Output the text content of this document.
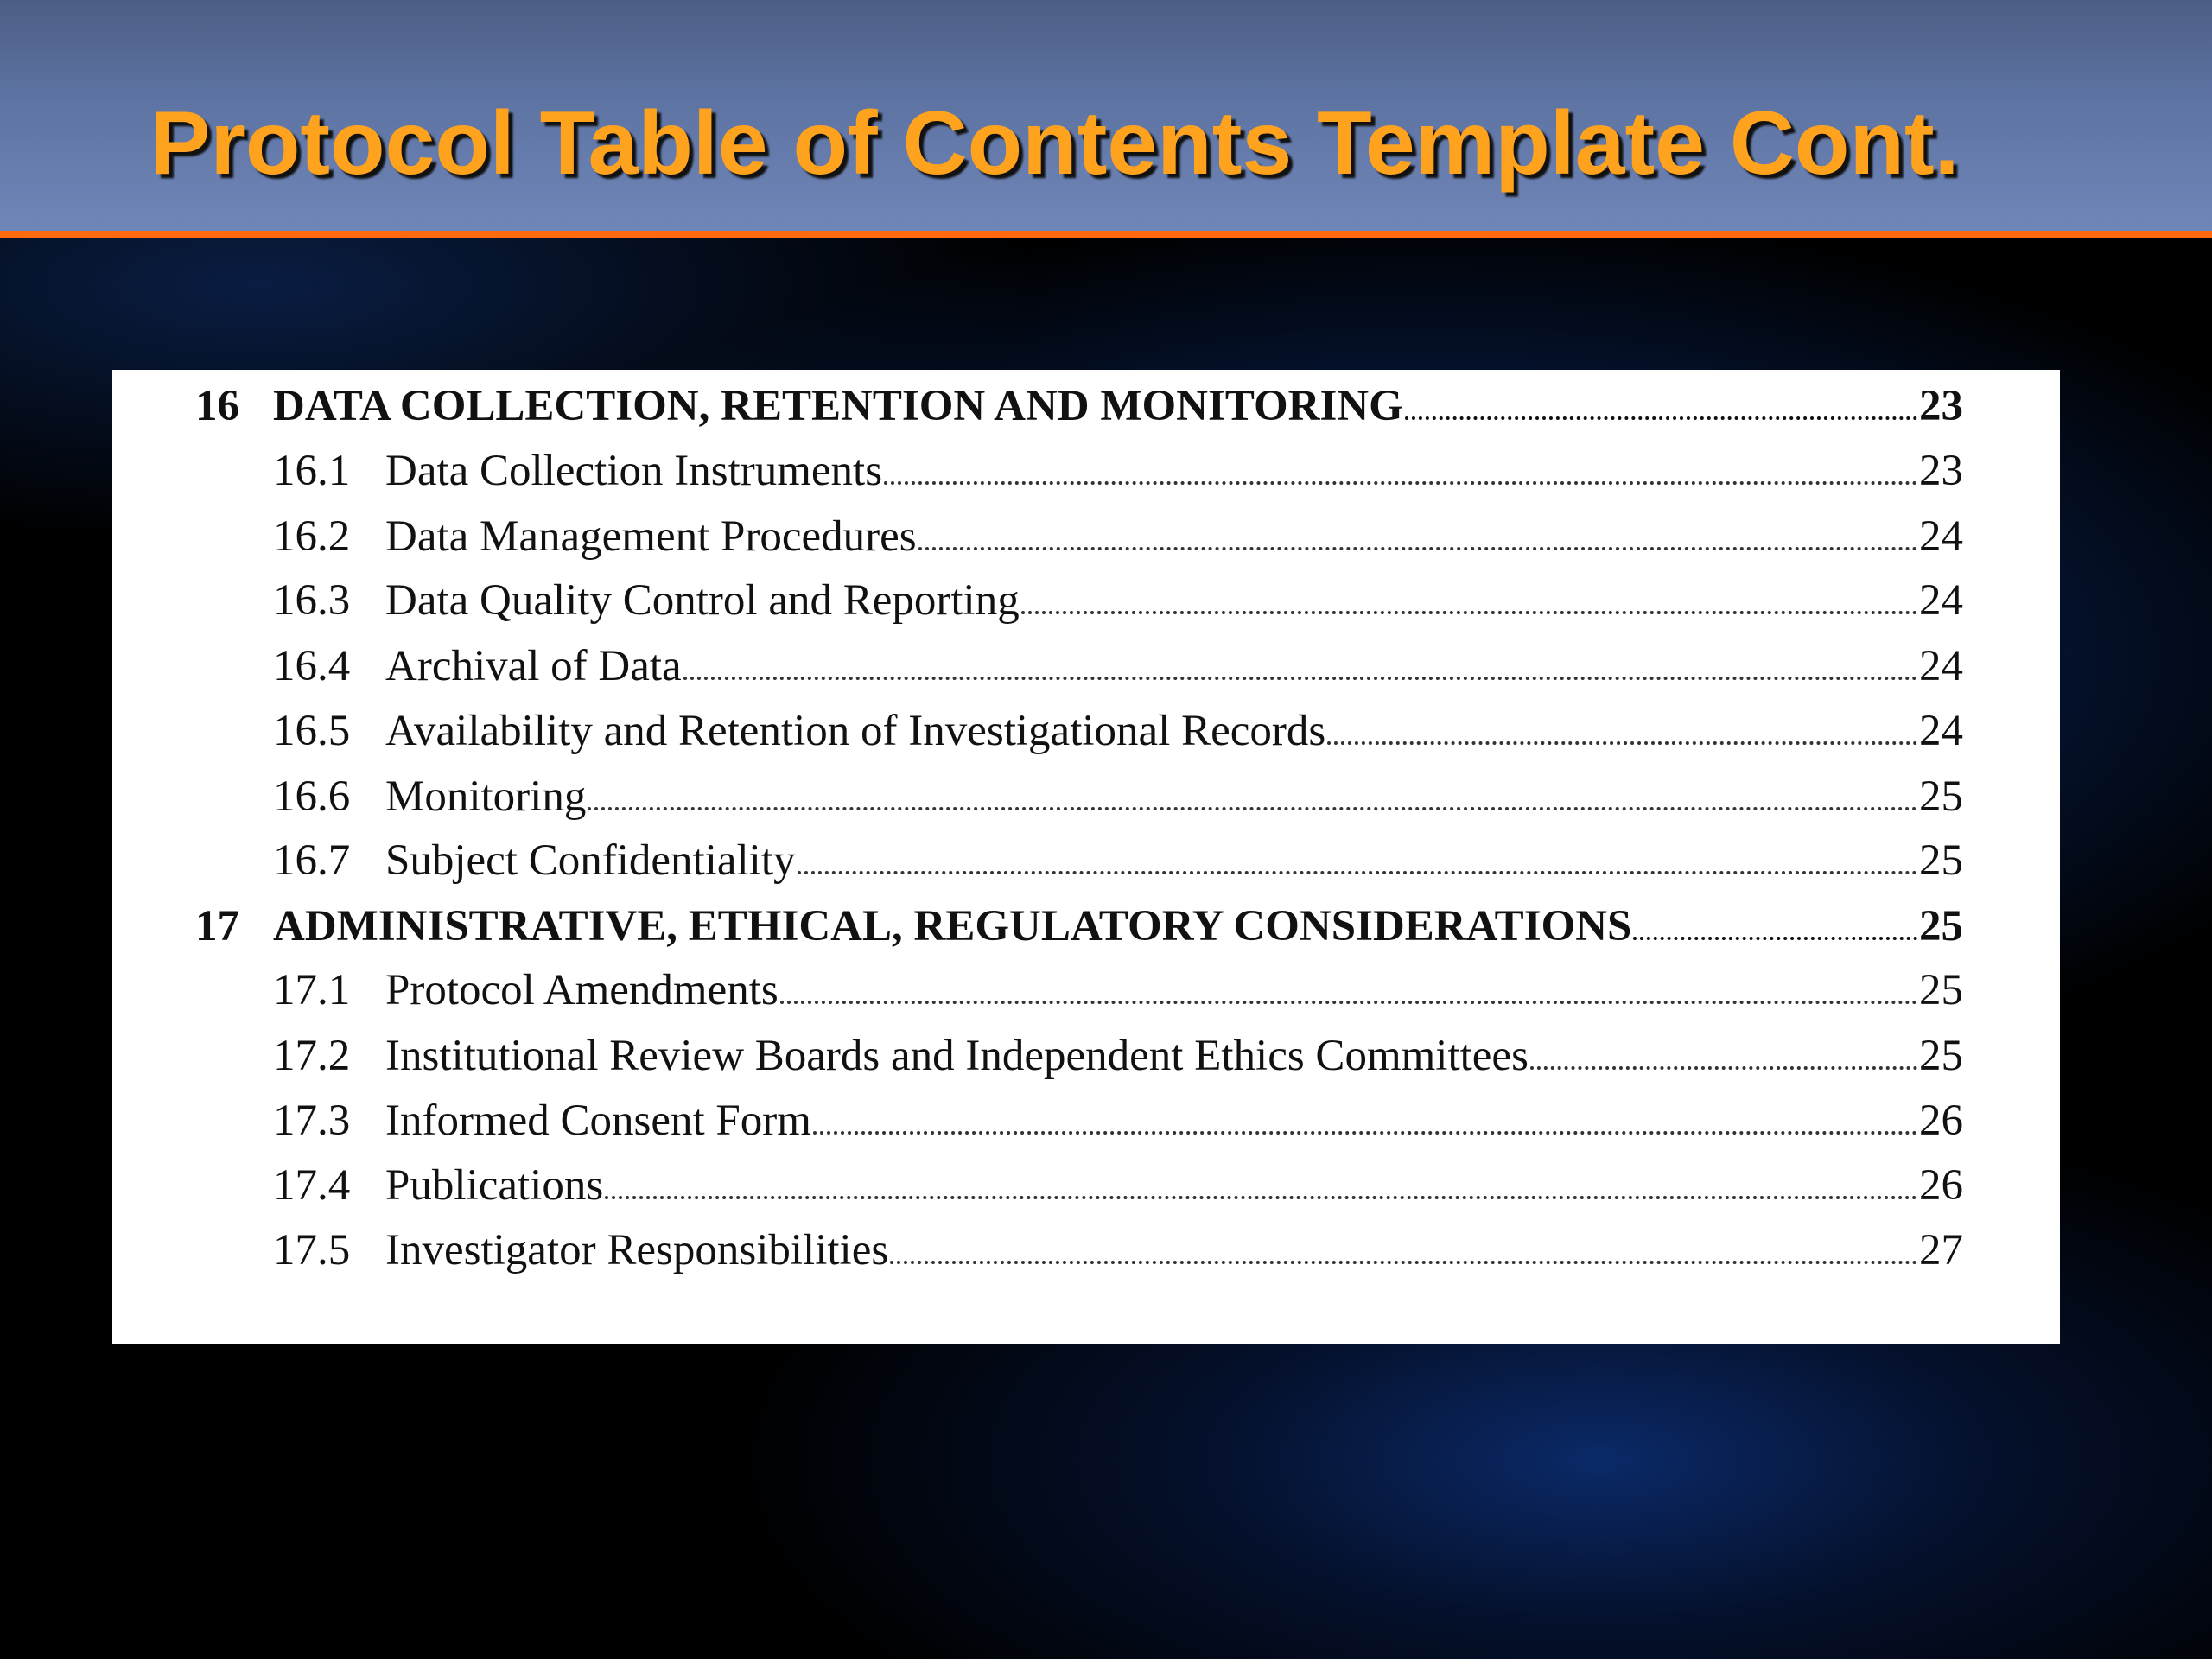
Protocol Table of Contents Template Cont.
16 DATA COLLECTION, RETENTION AND MONITORING	23
16.1 Data Collection Instruments	23
16.2 Data Management Procedures	24
16.3 Data Quality Control and Reporting	24
16.4 Archival of Data	24
16.5 Availability and Retention of Investigational Records	24
16.6 Monitoring	25
16.7 Subject Confidentiality	25
17 ADMINISTRATIVE, ETHICAL, REGULATORY CONSIDERATIONS	25
17.1 Protocol Amendments	25
17.2 Institutional Review Boards and Independent Ethics Committees	25
17.3 Informed Consent Form	26
17.4 Publications	26
17.5 Investigator Responsibilities	27
